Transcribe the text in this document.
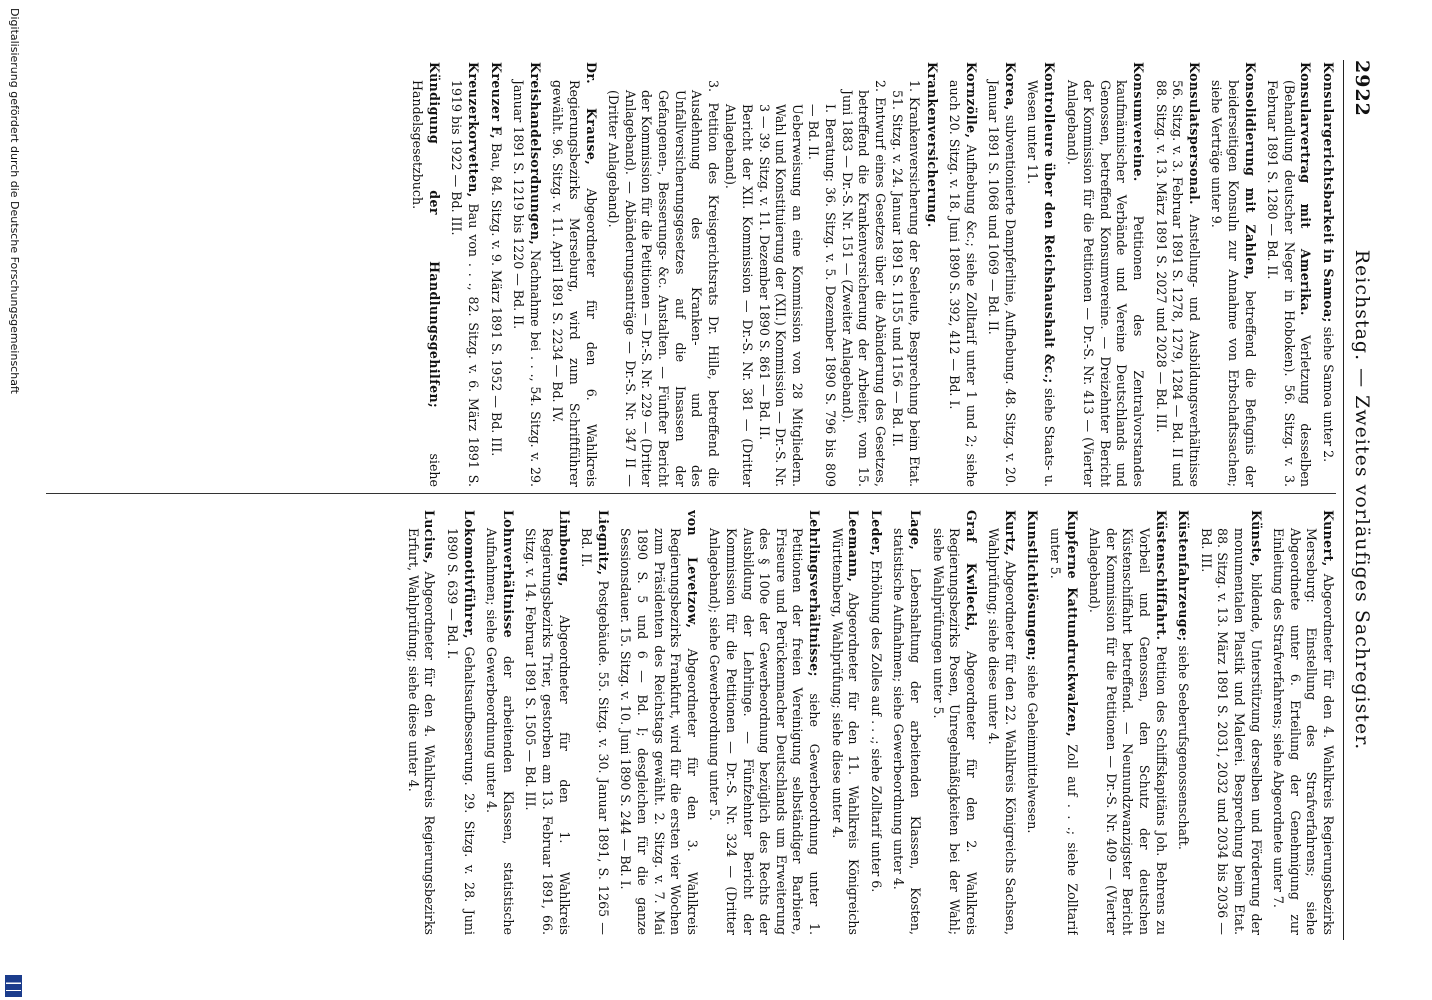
2922
Reichstag. — Zweites vorläufiges Sachregister.
Konsulargerichtsbarkeit in Samoa; siehe Samoa unter 2.
Konsularvertrag mit Amerika. Verletzung desselben (Behandlung deutscher Neger in Hoboken). 56. Sitzg. v. 3. Februar 1891 S. 1280 — Bd. II.
Konsolidierung mit Zahlen, betreffend die Befugnis der beiderseitigen Konsuln zur Annahme von Erbschaftssachen; siehe Verträge unter 9.
Konsulatspersonal. Anstellung- und Ausbildungsverhältnisse 56. Sitzg. v. 3. Februar 1891 S. 1278, 1279, 1284 — Bd. II und 88. Sitzg. v. 13. März 1891 S. 2027 und 2028 — Bd. III.
Konsumvereine. Petitionen des Zentralvorstandes kaufmännischer Verbände und Vereine Deutschlands und Genossen, betreffend Konsumvereine. — Dreizehnter Bericht der Kommission für die Petitionen — Dr.-S. Nr. 413 — (Vierter Anlageband).
Kontrolleure über den Reichshaushalt &c.; siehe Staats- u. Wesen unter 11.
Korea, subventionierte Dampferlinie, Aufhebung. 48. Sitzg. v. 20. Januar 1891 S. 1068 und 1069 — Bd. II.
Kornzölle, Aufhebung &c.; siehe Zolltarif unter 1 und 2; siehe auch 20. Sitzg. v. 18. Juni 1890 S. 392, 412 — Bd. I.
Krankenversicherung.
1. Krankenversicherung der Seeleute, Besprechung beim Etat. 51. Sitzg. v. 24. Januar 1891 S. 1155 und 1156 — Bd. II.
2. Entwurf eines Gesetzes über die Abänderung des Gesetzes, betreffend die Krankenversicherung der Arbeiter, vom 15. Juni 1883 — Dr.-S. Nr. 151 — (Zweiter Anlageband).
I. Beratung: 36. Sitzg. v. 5. Dezember 1890 S. 796 bis 809 — Bd. II.
Ueberweisung an eine Kommission von 28 Mitgliedern. Wahl und Konstituierung der (XII.) Kommission — Dr.-S. Nr. 3 — 39. Sitzg. v. 11. Dezember 1890 S. 861 — Bd. II.
Bericht der XII. Kommission — Dr.-S. Nr. 381 — (Dritter Anlageband).
3. Petition des Kreisgerichtsrats Dr. Hille, betreffend die Ausdehnung des Kranken- und des Unfallversicherungsgesetzes auf die Insassen der Gefangenen-, Besserungs- &c. Anstalten. — Fünfter Bericht der Kommission für die Petitionen — Dr.-S. Nr. 229 — (Dritter Anlageband). — Abänderungsanträge — Dr.-S. Nr. 347 II — (Dritter Anlageband).
Dr. Krause, Abgeordneter für den 6. Wahlkreis Regierungsbezirks Merseburg, wird zum Schriftführer gewählt. 96. Sitzg. v. 11. April 1891 S. 2234 — Bd. IV.
Kreishandelsordnungen, Nachnahme bei . . ., 54. Sitzg. v. 29. Januar 1891 S. 1219 bis 1220 — Bd. II.
Kreuzer F, Bau, 84. Sitzg. v. 9. März 1891 S. 1952 — Bd. III.
Kreuzerkorvetten, Bau von . . ., 82. Sitzg. v. 6. März 1891 S. 1919 bis 1922 — Bd. III.
Kündigung der Handlungsgehilfen; siehe Handelsgesetzbuch.
Kunert, Abgeordneter für den 4. Wahlkreis Regierungsbezirks Merseburg: Einstellung des Strafverfahrens; siehe Abgeordnete unter 6. Erteilung der Genehmigung zur Einleitung des Strafverfahrens; siehe Abgeordnete unter 7.
Künste, bildende, Unterstützung derselben und Förderung der monumentalen Plastik und Malerei. Besprechung beim Etat. 88. Sitzg. v. 13. März 1891 S. 2031, 2032 und 2034 bis 2036 — Bd. III.
Küstenfahrzeuge; siehe Seeberufsgenossenschaft.
Küstenschiffahrt. Petition des Schiffskapitäns Joh. Behrens zu Vorbeil und Genossen, den Schutz der deutschen Küstenschiffahrt betreffend. — Neunundzwanzigster Bericht der Kommission für die Petitionen — Dr.-S. Nr. 409 — (Vierter Anlageband).
Kupferne Kattundruckwalzen, Zoll auf . . .; siehe Zolltarif unter 5.
Kunstlichtlösungen; siehe Geheimmittelwesen.
Kurtz, Abgeordneter für den 22. Wahlkreis Königreichs Sachsen, Wahlprüfung; siehe diese unter 4.
Graf Kwilecki, Abgeordneter für den 2. Wahlkreis Regierungsbezirks Posen, Unregelmäßigkeiten bei der Wahl; siehe Wahlprüfungen unter 5.
Lage, Lebenshaltung der arbeitenden Klassen, Kosten, statistische Aufnahmen; siehe Gewerbeordnung unter 4.
Leder, Erhöhung des Zolles auf . . .; siehe Zolltarif unter 6.
Leemann, Abgeordneter für den 11. Wahlkreis Königreichs Württemberg, Wahlprüfung; siehe diese unter 4.
Lehrlingsverhältnisse; siehe Gewerbeordnung unter 1. Petitionen der freien Vereinigung selbständiger Barbiere, Friseure und Perückenmacher Deutschlands um Erweiterung des § 100e der Gewerbeordnung bezüglich des Rechts der Ausbildung der Lehrlinge. — Fünfzehnter Bericht der Kommission für die Petitionen — Dr.-S. Nr. 324 — (Dritter Anlageband); siehe Gewerbeordnung unter 5.
von Levetzow, Abgeordneter für den 3. Wahlkreis Regierungsbezirks Frankfurt, wird für die ersten vier Wochen zum Präsidenten des Reichstags gewählt. 2. Sitzg. v. 7. Mai 1890 S. 5 und 6 — Bd. I; desgleichen für die ganze Sessionsdauer. 15. Sitzg. v. 10. Juni 1890 S. 244 — Bd. I.
Liegnitz, Postgebäude. 55. Sitzg. v. 30. Januar 1891, S. 1265 — Bd. II.
Limbourg, Abgeordneter für den 1. Wahlkreis Regierungsbezirks Trier, gestorben am 13. Februar 1891, 66. Sitzg. v. 14. Februar 1891 S. 1505 — Bd. III.
Lohnverhältnisse der arbeitenden Klassen, statistische Aufnahmen; siehe Gewerbeordnung unter 4.
Lokomotivführer, Gehaltsaufbesserung. 29. Sitzg. v. 28. Juni 1890 S. 639 — Bd. I.
Lucius, Abgeordneter für den 4. Wahlkreis Regierungsbezirks Erfurt, Wahlprüfung; siehe diese unter 4.
Digitalisierung gefördert durch die Deutsche Forschungsgemeinschaft
